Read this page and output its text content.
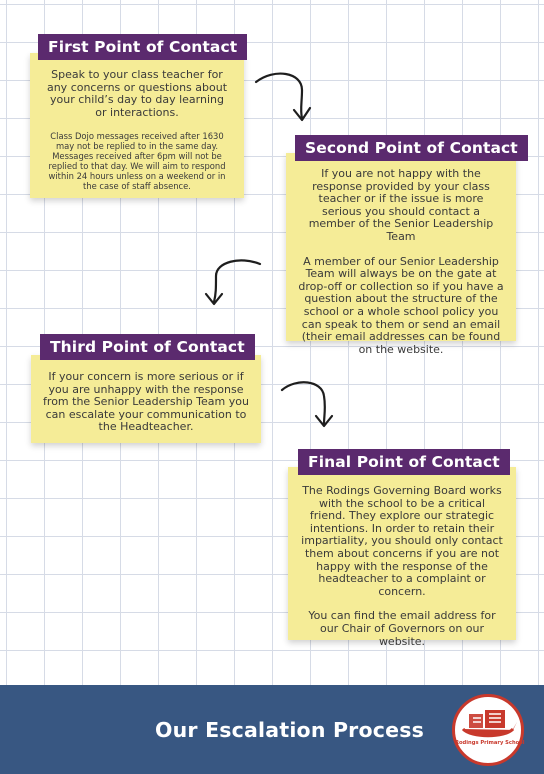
Speak to your class teacher for any concerns or questions about your child’s day to day learning or interactions.

Class Dojo messages received after 1630 may not be replied to in the same day. Messages received after 6pm will not be replied to that day. We will aim to respond within 24 hours unless on a weekend or in the case of staff absence.

First Point of Contact

If you are not happy with the response provided by your class teacher or if the issue is more serious you should contact a member of the Senior Leadership Team

A member of our Senior Leadership Team will always be on the gate at drop-off or collection so if you have a question about the structure of the school or a whole school policy you can speak to them or send an email (their email addresses can be found on the website.

Second Point of Contact

If your concern is more serious or if you are unhappy with the response from the Senior Leadership Team you can escalate your communication to the Headteacher.

Third Point of Contact

The Rodings Governing Board works with the school to be a critical friend. They explore our strategic intentions. In order to retain their impartiality, you should only contact them about concerns if you are not happy with the response of the headteacher to a complaint or concern.

You can find the email address for our Chair of Governors on our website.

Final Point of Contact
Our Escalation Process
Rodings Primary School
